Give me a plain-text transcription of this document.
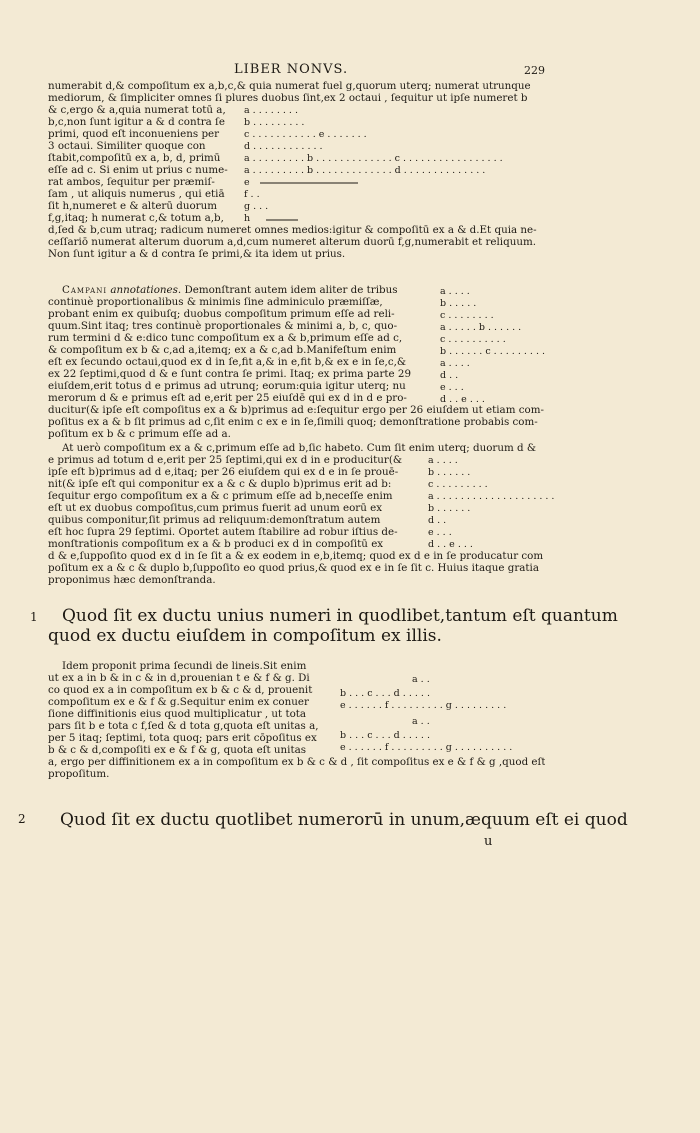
LIBER NONVS.	229
numerabit d,& compoſitum ex a,b,c,& quia numerat fuel g,quorum uterq; numerat utrunque
mediorum, & ſimpliciter omnes ſi plures duobus ſint,ex 2 octaui , ſequitur ut ipſe numeret b
& c,ergo & a,quia numerat totū a,
b,c,non ſunt igitur a & d contra ſe
primi, quod eſt inconueniens per
3 octaui. Similiter quoque con
ſtabit,compoſitū ex a, b, d, primū
eſſe ad c. Si enim ut prius c nume-
rat ambos, ſequitur per præmiſ-
ſam , ut aliquis numerus , qui etiā
ſit h,numeret e & alterū duorum
f,g,itaq; h numerat c,& totum a,b,
d,ſed & b,cum utraq; radicum numeret omnes medios:igitur & compoſitū ex a & d.Et quia ne-
ceſſariō numerat alterum duorum a,d,cum numeret alterum duorū f,g,numerabit et reliquum.
Non ſunt igitur a & d contra ſe primi,& ita idem ut prius.
a . . . . . . . .
b . . . . . . . . .
c . . . . . . . . . . . e . . . . . . .
d . . . . . . . . . . . .
a . . . . . . . . . b . . . . . . . . . . . . . c . . . . . . . . . . . . . . . . .
a . . . . . . . . . b . . . . . . . . . . . . . d . . . . . . . . . . . . . .
e
f . .
g . . .
h
Campani annotationes. Demonſtrant autem idem aliter de tribus
continuè proportionalibus & minimis ſine adminiculo præmiſſæ,
probant enim ex quibuſq; duobus compoſitum primum eſſe ad reli-
quum.Sint itaq; tres continuè proportionales & minimi a, b, c, quo-
rum termini d & e:dico tunc compoſitum ex a & b,primum eſſe ad c,
& compoſitum ex b & c,ad a,itemq; ex a & c,ad b.Manifeſtum enim
eſt ex ſecundo octaui,quod ex d in ſe,fit a,& in e,fit b,& ex e in ſe,c,&
ex 22 ſeptimi,quod d & e ſunt contra ſe primi. Itaq; ex prima parte 29
eiuſdem,erit totus d e primus ad utrunq; eorum:quia igitur uterq; nu
merorum d & e primus eſt ad e,erit per 25 eiuſdē qui ex d in d e pro-
ducitur(& ipſe eſt compoſitus ex a & b)primus ad e:ſequitur ergo per 26 eiuſdem ut etiam com-
poſitus ex a & b ſit primus ad c,ſit enim c ex e in ſe,ſimili quoq; demonſtratione probabis com-
poſitum ex b & c primum eſſe ad a.
a . . . .
b . . . . .
c . . . . . . . .
a . . . . . b . . . . . .
c . . . . . . . . . .
b . . . . . . c . . . . . . . . .
a . . . .
d . .
e . . .
d . . e . . .
At uerò compoſitum ex a & c,primum eſſe ad b,ſic habeto. Cum ſit enim uterq; duorum d &
e primus ad totum d e,erit per 25 ſeptimi,qui ex d in e producitur(&
ipſe eſt b)primus ad d e,itaq; per 26 eiuſdem qui ex d e in ſe prouē-
nit(& ipſe eſt qui componitur ex a & c & duplo b)primus erit ad b:
ſequitur ergo compoſitum ex a & c primum eſſe ad b,neceſſe enim
eſt ut ex duobus compoſitus,cum primus fuerit ad unum eorū ex
quibus componitur,ſit primus ad reliquum:demonſtratum autem
eſt hoc ſupra 29 ſeptimi. Oportet autem ſtabilire ad robur iſtius de-
monſtrationis compoſitum ex a & b produci ex d in compoſitū ex
d & e,ſuppoſito quod ex d in ſe ſit a & ex eodem in e,b,itemq; quod ex d e in ſe producatur com
poſitum ex a & c & duplo b,ſuppoſito eo quod prius,& quod ex e in ſe ſit c. Huius itaque gratia
proponimus hæc demonſtranda.
a . . . .
b . . . . . .
c . . . . . . . . .
a . . . . . . . . . . . . . . . . . . . .
b . . . . . .
d . .
e . . .
d . . e . . .
1 Quod ſit ex ductu unius numeri in quodlibet,tantum eſt quantum
quod ex ductu eiuſdem in compoſitum ex illis.
Idem proponit prima ſecundi de lineis.Sit enim
ut ex a in b & in c & in d,prouenian t e & f & g. Di
co quod ex a in compoſitum ex b & c & d, prouenit
compoſitum ex e & f & g.Sequitur enim ex conuer
ſione diffinitionis eius quod multiplicatur , ut tota
pars ſit b e tota c f,ſed & d tota g,quota eſt unitas a,
per 5 itaq; ſeptimi, tota quoq; pars erit cōpoſitus ex
b & c & d,compoſiti ex e & f & g, quota eſt unitas
a, ergo per diffinitionem ex a in compoſitum ex b & c & d , ſit compoſitus ex e & f & g ,quod eſt
propoſitum.
a . .
b . . . c . . . d . . . . .
e . . . . . . f . . . . . . . . . g . . . . . . . . .
a . .
b . . . c . . . d . . . . .
e . . . . . . f . . . . . . . . . g . . . . . . . . . .
2 Quod ſit ex ductu quotlibet numerorū in unum,æquum eſt ei quod
u
